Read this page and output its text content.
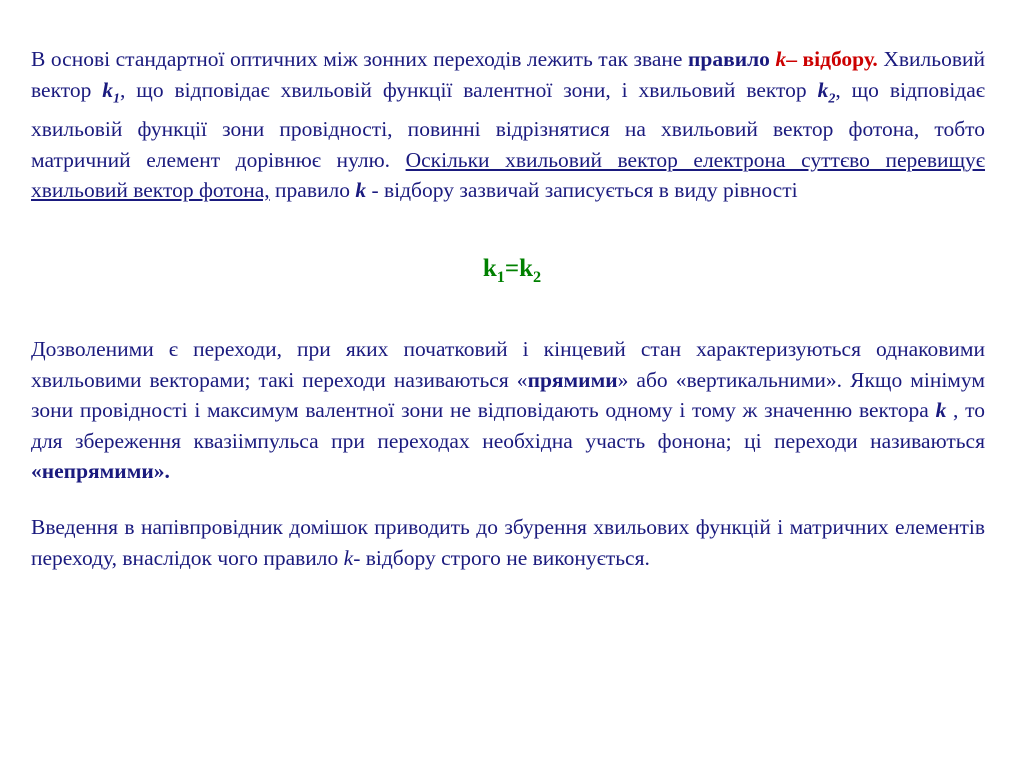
В основі стандартної оптичних між зонних переходів лежить так зване правило k– відбору. Хвильовий вектор $k_1$, що відповідає хвильовій функції валентної зони, і хвильовий вектор $k_2$, що відповідає хвильовій функції зони провідності, повинні відрізнятися на хвильовий вектор фотона, тобто матричний елемент дорівнює нулю. Оскільки хвильовий вектор електрона суттєво перевищує хвильовий вектор фотона, правило k - відбору зазвичай записується в виду рівності

$k_1=k_2$

Дозволеними є переходи, при яких початковий і кінцевий стан характеризуються однаковими хвильовими векторами; такі переходи називаються «прямими» або «вертикальними». Якщо мінімум зони провідності і максимум валентної зони не відповідають одному і тому ж значенню вектора k , то для збереження квазіімпульса при переходах необхідна участь фонона; ці переходи називаються «непрямими».

Введення в напівпровідник домішок приводить до збурення хвильових функцій і матричних елементів переходу, внаслідок чого правило k- відбору строго не виконується.
